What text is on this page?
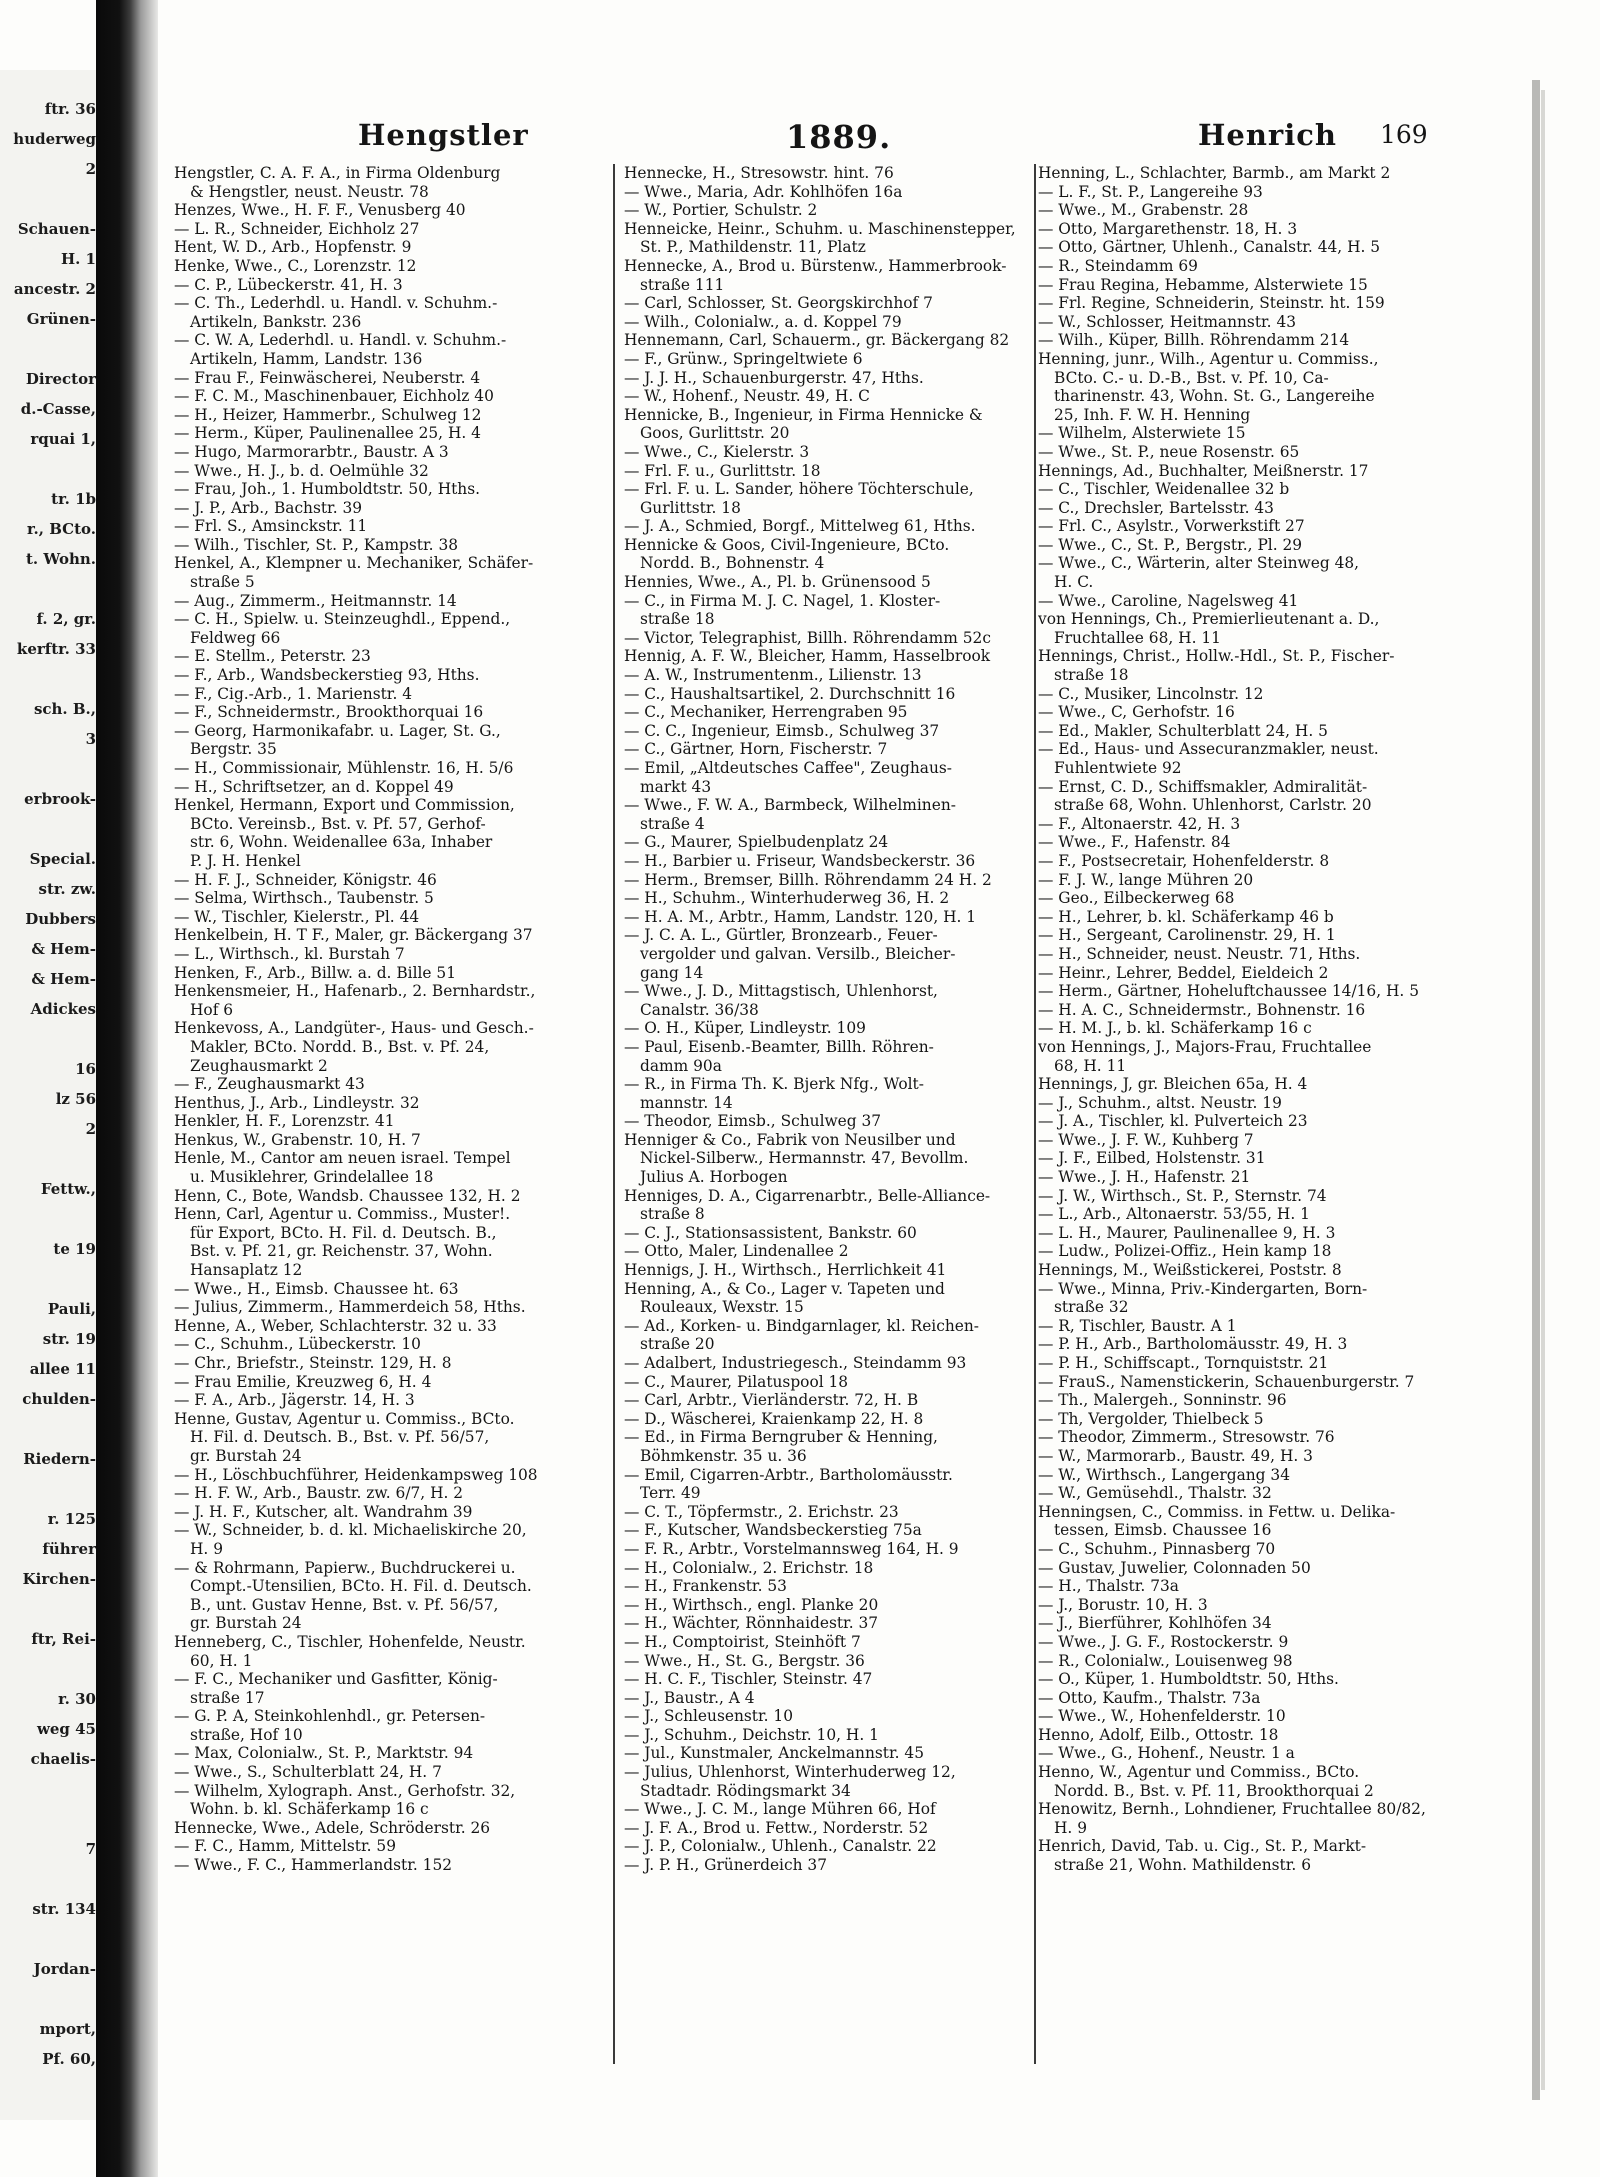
ftr. 36
huderweg
2
Schauen-
H. 1
ancestr. 2
Grünen-
Director
d.-Casse,
rquai 1,
tr. 1b
r., BCto.
t. Wohn.
f. 2, gr.
kerftr. 33
sch. B.,
3
erbrook-
Special.
str. zw.
Dubbers
& Hem-
& Hem-
Adickes
16
lz 56
2
Fettw.,
te 19
Pauli,
str. 19
allee 11
chulden-
Riedern-
r. 125
führer
Kirchen-
ftr, Rei-
r. 30
weg 45
chaelis-
7
str. 134
Jordan-
mport,
Pf. 60,
Hengstler	1889.	Henrich 169
Hengstler, C. A. F. A., in Firma Oldenburg
& Hengstler, neust. Neustr. 78
Henzes, Wwe., H. F. F., Venusberg 40
— L. R., Schneider, Eichholz 27
Hent, W. D., Arb., Hopfenstr. 9
Henke, Wwe., C., Lorenzstr. 12
— C. P., Lübeckerstr. 41, H. 3
— C. Th., Lederhdl. u. Handl. v. Schuhm.-
Artikeln, Bankstr. 236
— C. W. A, Lederhdl. u. Handl. v. Schuhm.-
Artikeln, Hamm, Landstr. 136
— Frau F., Feinwäscherei, Neuberstr. 4
— F. C. M., Maschinenbauer, Eichholz 40
— H., Heizer, Hammerbr., Schulweg 12
— Herm., Küper, Paulinenallee 25, H. 4
— Hugo, Marmorarbtr., Baustr. A 3
— Wwe., H. J., b. d. Oelmühle 32
— Frau, Joh., 1. Humboldtstr. 50, Hths.
— J. P., Arb., Bachstr. 39
— Frl. S., Amsinckstr. 11
— Wilh., Tischler, St. P., Kampstr. 38
Henkel, A., Klempner u. Mechaniker, Schäfer-
straße 5
— Aug., Zimmerm., Heitmannstr. 14
— C. H., Spielw. u. Steinzeughdl., Eppend.,
Feldweg 66
— E. Stellm., Peterstr. 23
— F., Arb., Wandsbeckerstieg 93, Hths.
— F., Cig.-Arb., 1. Marienstr. 4
— F., Schneidermstr., Brookthorquai 16
— Georg, Harmonikafabr. u. Lager, St. G.,
Bergstr. 35
— H., Commissionair, Mühlenstr. 16, H. 5/6
— H., Schriftsetzer, an d. Koppel 49
Henkel, Hermann, Export und Commission,
BCto. Vereinsb., Bst. v. Pf. 57, Gerhof-
str. 6, Wohn. Weidenallee 63a, Inhaber
P. J. H. Henkel
— H. F. J., Schneider, Königstr. 46
— Selma, Wirthsch., Taubenstr. 5
— W., Tischler, Kielerstr., Pl. 44
Henkelbein, H. T F., Maler, gr. Bäckergang 37
— L., Wirthsch., kl. Burstah 7
Henken, F., Arb., Billw. a. d. Bille 51
Henkensmeier, H., Hafenarb., 2. Bernhardstr.,
Hof 6
Henkevoss, A., Landgüter-, Haus- und Gesch.-
Makler, BCto. Nordd. B., Bst. v. Pf. 24,
Zeughausmarkt 2
— F., Zeughausmarkt 43
Henthus, J., Arb., Lindleystr. 32
Henkler, H. F., Lorenzstr. 41
Henkus, W., Grabenstr. 10, H. 7
Henle, M., Cantor am neuen israel. Tempel
u. Musiklehrer, Grindelallee 18
Henn, C., Bote, Wandsb. Chaussee 132, H. 2
Henn, Carl, Agentur u. Commiss., Muster!.
für Export, BCto. H. Fil. d. Deutsch. B.,
Bst. v. Pf. 21, gr. Reichenstr. 37, Wohn.
Hansaplatz 12
— Wwe., H., Eimsb. Chaussee ht. 63
— Julius, Zimmerm., Hammerdeich 58, Hths.
Henne, A., Weber, Schlachterstr. 32 u. 33
— C., Schuhm., Lübeckerstr. 10
— Chr., Briefstr., Steinstr. 129, H. 8
— Frau Emilie, Kreuzweg 6, H. 4
— F. A., Arb., Jägerstr. 14, H. 3
Henne, Gustav, Agentur u. Commiss., BCto.
H. Fil. d. Deutsch. B., Bst. v. Pf. 56/57,
gr. Burstah 24
— H., Löschbuchführer, Heidenkampsweg 108
— H. F. W., Arb., Baustr. zw. 6/7, H. 2
— J. H. F., Kutscher, alt. Wandrahm 39
— W., Schneider, b. d. kl. Michaeliskirche 20,
H. 9
— & Rohrmann, Papierw., Buchdruckerei u.
Compt.-Utensilien, BCto. H. Fil. d. Deutsch.
B., unt. Gustav Henne, Bst. v. Pf. 56/57,
gr. Burstah 24
Henneberg, C., Tischler, Hohenfelde, Neustr.
60, H. 1
— F. C., Mechaniker und Gasfitter, König-
straße 17
— G. P. A, Steinkohlenhdl., gr. Petersen-
straße, Hof 10
— Max, Colonialw., St. P., Marktstr. 94
— Wwe., S., Schulterblatt 24, H. 7
— Wilhelm, Xylograph. Anst., Gerhofstr. 32,
Wohn. b. kl. Schäferkamp 16 c
Hennecke, Wwe., Adele, Schröderstr. 26
— F. C., Hamm, Mittelstr. 59
— Wwe., F. C., Hammerlandstr. 152
Hennecke, H., Stresowstr. hint. 76
— Wwe., Maria, Adr. Kohlhöfen 16a
— W., Portier, Schulstr. 2
Henneicke, Heinr., Schuhm. u. Maschinenstepper,
St. P., Mathildenstr. 11, Platz
Hennecke, A., Brod u. Bürstenw., Hammerbrook-
straße 111
— Carl, Schlosser, St. Georgskirchhof 7
— Wilh., Colonialw., a. d. Koppel 79
Hennemann, Carl, Schauerm., gr. Bäckergang 82
— F., Grünw., Springeltwiete 6
— J. J. H., Schauenburgerstr. 47, Hths.
— W., Hohenf., Neustr. 49, H. C
Hennicke, B., Ingenieur, in Firma Hennicke &
Goos, Gurlittstr. 20
— Wwe., C., Kielerstr. 3
— Frl. F. u., Gurlittstr. 18
— Frl. F. u. L. Sander, höhere Töchterschule,
Gurlittstr. 18
— J. A., Schmied, Borgf., Mittelweg 61, Hths.
Hennicke & Goos, Civil-Ingenieure, BCto.
Nordd. B., Bohnenstr. 4
Hennies, Wwe., A., Pl. b. Grünensood 5
— C., in Firma M. J. C. Nagel, 1. Kloster-
straße 18
— Victor, Telegraphist, Billh. Röhrendamm 52c
Hennig, A. F. W., Bleicher, Hamm, Hasselbrook
— A. W., Instrumentenm., Lilienstr. 13
— C., Haushaltsartikel, 2. Durchschnitt 16
— C., Mechaniker, Herrengraben 95
— C. C., Ingenieur, Eimsb., Schulweg 37
— C., Gärtner, Horn, Fischerstr. 7
— Emil, „Altdeutsches Caffee", Zeughaus-
markt 43
— Wwe., F. W. A., Barmbeck, Wilhelminen-
straße 4
— G., Maurer, Spielbudenplatz 24
— H., Barbier u. Friseur, Wandsbeckerstr. 36
— Herm., Bremser, Billh. Röhrendamm 24 H. 2
— H., Schuhm., Winterhuderweg 36, H. 2
— H. A. M., Arbtr., Hamm, Landstr. 120, H. 1
— J. C. A. L., Gürtler, Bronzearb., Feuer-
vergolder und galvan. Versilb., Bleicher-
gang 14
— Wwe., J. D., Mittagstisch, Uhlenhorst,
Canalstr. 36/38
— O. H., Küper, Lindleystr. 109
— Paul, Eisenb.-Beamter, Billh. Röhren-
damm 90a
— R., in Firma Th. K. Bjerk Nfg., Wolt-
mannstr. 14
— Theodor, Eimsb., Schulweg 37
Henniger & Co., Fabrik von Neusilber und
Nickel-Silberw., Hermannstr. 47, Bevollm.
Julius A. Horbogen
Henniges, D. A., Cigarrenarbtr., Belle-Alliance-
straße 8
— C. J., Stationsassistent, Bankstr. 60
— Otto, Maler, Lindenallee 2
Hennigs, J. H., Wirthsch., Herrlichkeit 41
Henning, A., & Co., Lager v. Tapeten und
Rouleaux, Wexstr. 15
— Ad., Korken- u. Bindgarnlager, kl. Reichen-
straße 20
— Adalbert, Industriegesch., Steindamm 93
— C., Maurer, Pilatuspool 18
— Carl, Arbtr., Vierländerstr. 72, H. B
— D., Wäscherei, Kraienkamp 22, H. 8
— Ed., in Firma Berngruber & Henning,
Böhmkenstr. 35 u. 36
— Emil, Cigarren-Arbtr., Bartholomäusstr.
Terr. 49
— C. T., Töpfermstr., 2. Erichstr. 23
— F., Kutscher, Wandsbeckerstieg 75a
— F. R., Arbtr., Vorstelmannsweg 164, H. 9
— H., Colonialw., 2. Erichstr. 18
— H., Frankenstr. 53
— H., Wirthsch., engl. Planke 20
— H., Wächter, Rönnhaidestr. 37
— H., Comptoirist, Steinhöft 7
— Wwe., H., St. G., Bergstr. 36
— H. C. F., Tischler, Steinstr. 47
— J., Baustr., A 4
— J., Schleusenstr. 10
— J., Schuhm., Deichstr. 10, H. 1
— Jul., Kunstmaler, Anckelmannstr. 45
— Julius, Uhlenhorst, Winterhuderweg 12,
Stadtadr. Rödingsmarkt 34
— Wwe., J. C. M., lange Mühren 66, Hof
— J. F. A., Brod u. Fettw., Norderstr. 52
— J. P., Colonialw., Uhlenh., Canalstr. 22
— J. P. H., Grünerdeich 37
Henning, L., Schlachter, Barmb., am Markt 2
— L. F., St. P., Langereihe 93
— Wwe., M., Grabenstr. 28
— Otto, Margarethenstr. 18, H. 3
— Otto, Gärtner, Uhlenh., Canalstr. 44, H. 5
— R., Steindamm 69
— Frau Regina, Hebamme, Alsterwiete 15
— Frl. Regine, Schneiderin, Steinstr. ht. 159
— W., Schlosser, Heitmannstr. 43
— Wilh., Küper, Billh. Röhrendamm 214
Henning, junr., Wilh., Agentur u. Commiss.,
BCto. C.- u. D.-B., Bst. v. Pf. 10, Ca-
tharinenstr. 43, Wohn. St. G., Langereihe
25, Inh. F. W. H. Henning
— Wilhelm, Alsterwiete 15
— Wwe., St. P., neue Rosenstr. 65
Hennings, Ad., Buchhalter, Meißnerstr. 17
— C., Tischler, Weidenallee 32 b
— C., Drechsler, Bartelsstr. 43
— Frl. C., Asylstr., Vorwerkstift 27
— Wwe., C., St. P., Bergstr., Pl. 29
— Wwe., C., Wärterin, alter Steinweg 48,
H. C.
— Wwe., Caroline, Nagelsweg 41
von Hennings, Ch., Premierlieutenant a. D.,
Fruchtallee 68, H. 11
Hennings, Christ., Hollw.-Hdl., St. P., Fischer-
straße 18
— C., Musiker, Lincolnstr. 12
— Wwe., C, Gerhofstr. 16
— Ed., Makler, Schulterblatt 24, H. 5
— Ed., Haus- und Assecuranzmakler, neust.
Fuhlentwiete 92
— Ernst, C. D., Schiffsmakler, Admiralität-
straße 68, Wohn. Uhlenhorst, Carlstr. 20
— F., Altonaerstr. 42, H. 3
— Wwe., F., Hafenstr. 84
— F., Postsecretair, Hohenfelderstr. 8
— F. J. W., lange Mühren 20
— Geo., Eilbeckerweg 68
— H., Lehrer, b. kl. Schäferkamp 46 b
— H., Sergeant, Carolinenstr. 29, H. 1
— H., Schneider, neust. Neustr. 71, Hths.
— Heinr., Lehrer, Beddel, Eieldeich 2
— Herm., Gärtner, Hoheluftchaussee 14/16, H. 5
— H. A. C., Schneidermstr., Bohnenstr. 16
— H. M. J., b. kl. Schäferkamp 16 c
von Hennings, J., Majors-Frau, Fruchtallee
68, H. 11
Hennings, J, gr. Bleichen 65a, H. 4
— J., Schuhm., altst. Neustr. 19
— J. A., Tischler, kl. Pulverteich 23
— Wwe., J. F. W., Kuhberg 7
— J. F., Eilbed, Holstenstr. 31
— Wwe., J. H., Hafenstr. 21
— J. W., Wirthsch., St. P., Sternstr. 74
— L., Arb., Altonaerstr. 53/55, H. 1
— L. H., Maurer, Paulinenallee 9, H. 3
— Ludw., Polizei-Offiz., Hein kamp 18
Hennings, M., Weißstickerei, Poststr. 8
— Wwe., Minna, Priv.-Kindergarten, Born-
straße 32
— R, Tischler, Baustr. A 1
— P. H., Arb., Bartholomäusstr. 49, H. 3
— P. H., Schiffscapt., Tornquiststr. 21
— FrauS., Namenstickerin, Schauenburgerstr. 7
— Th., Malergeh., Sonninstr. 96
— Th, Vergolder, Thielbeck 5
— Theodor, Zimmerm., Stresowstr. 76
— W., Marmorarb., Baustr. 49, H. 3
— W., Wirthsch., Langergang 34
— W., Gemüsehdl., Thalstr. 32
Henningsen, C., Commiss. in Fettw. u. Delika-
tessen, Eimsb. Chaussee 16
— C., Schuhm., Pinnasberg 70
— Gustav, Juwelier, Colonnaden 50
— H., Thalstr. 73a
— J., Borustr. 10, H. 3
— J., Bierführer, Kohlhöfen 34
— Wwe., J. G. F., Rostockerstr. 9
— R., Colonialw., Louisenweg 98
— O., Küper, 1. Humboldtstr. 50, Hths.
— Otto, Kaufm., Thalstr. 73a
— Wwe., W., Hohenfelderstr. 10
Henno, Adolf, Eilb., Ottostr. 18
— Wwe., G., Hohenf., Neustr. 1 a
Henno, W., Agentur und Commiss., BCto.
Nordd. B., Bst. v. Pf. 11, Brookthorquai 2
Henowitz, Bernh., Lohndiener, Fruchtallee 80/82,
H. 9
Henrich, David, Tab. u. Cig., St. P., Markt-
straße 21, Wohn. Mathildenstr. 6
